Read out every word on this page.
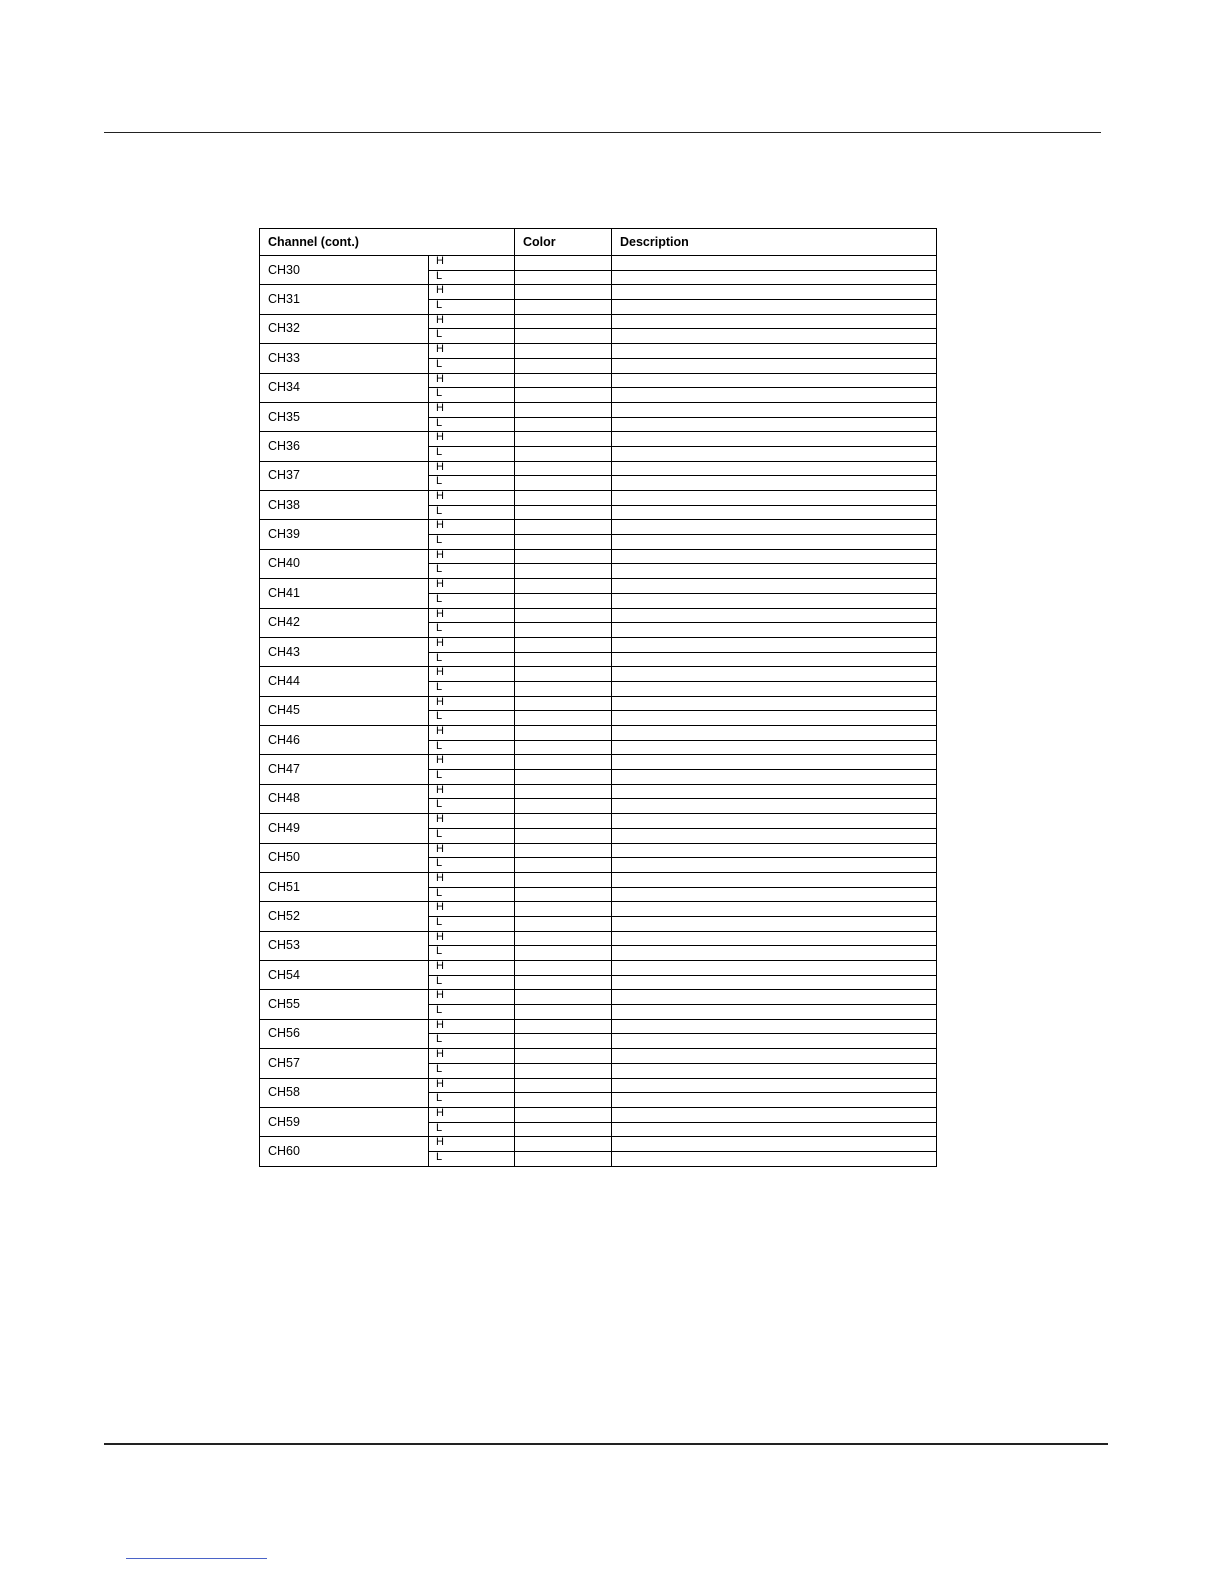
Channel (cont.)		Color	Description
CH30	H		
	L		
CH31	H		
	L		
CH32	H		
	L		
CH33	H		
	L		
CH34	H		
	L		
CH35	H		
	L		
CH36	H		
	L		
CH37	H		
	L		
CH38	H		
	L		
CH39	H		
	L		
CH40	H		
	L		
CH41	H		
	L		
CH42	H		
	L		
CH43	H		
	L		
CH44	H		
	L		
CH45	H		
	L		
CH46	H		
	L		
CH47	H		
	L		
CH48	H		
	L		
CH49	H		
	L		
CH50	H		
	L		
CH51	H		
	L		
CH52	H		
	L		
CH53	H		
	L		
CH54	H		
	L		
CH55	H		
	L		
CH56	H		
	L		
CH57	H		
	L		
CH58	H		
	L		
CH59	H		
	L		
CH60	H		
	L		
